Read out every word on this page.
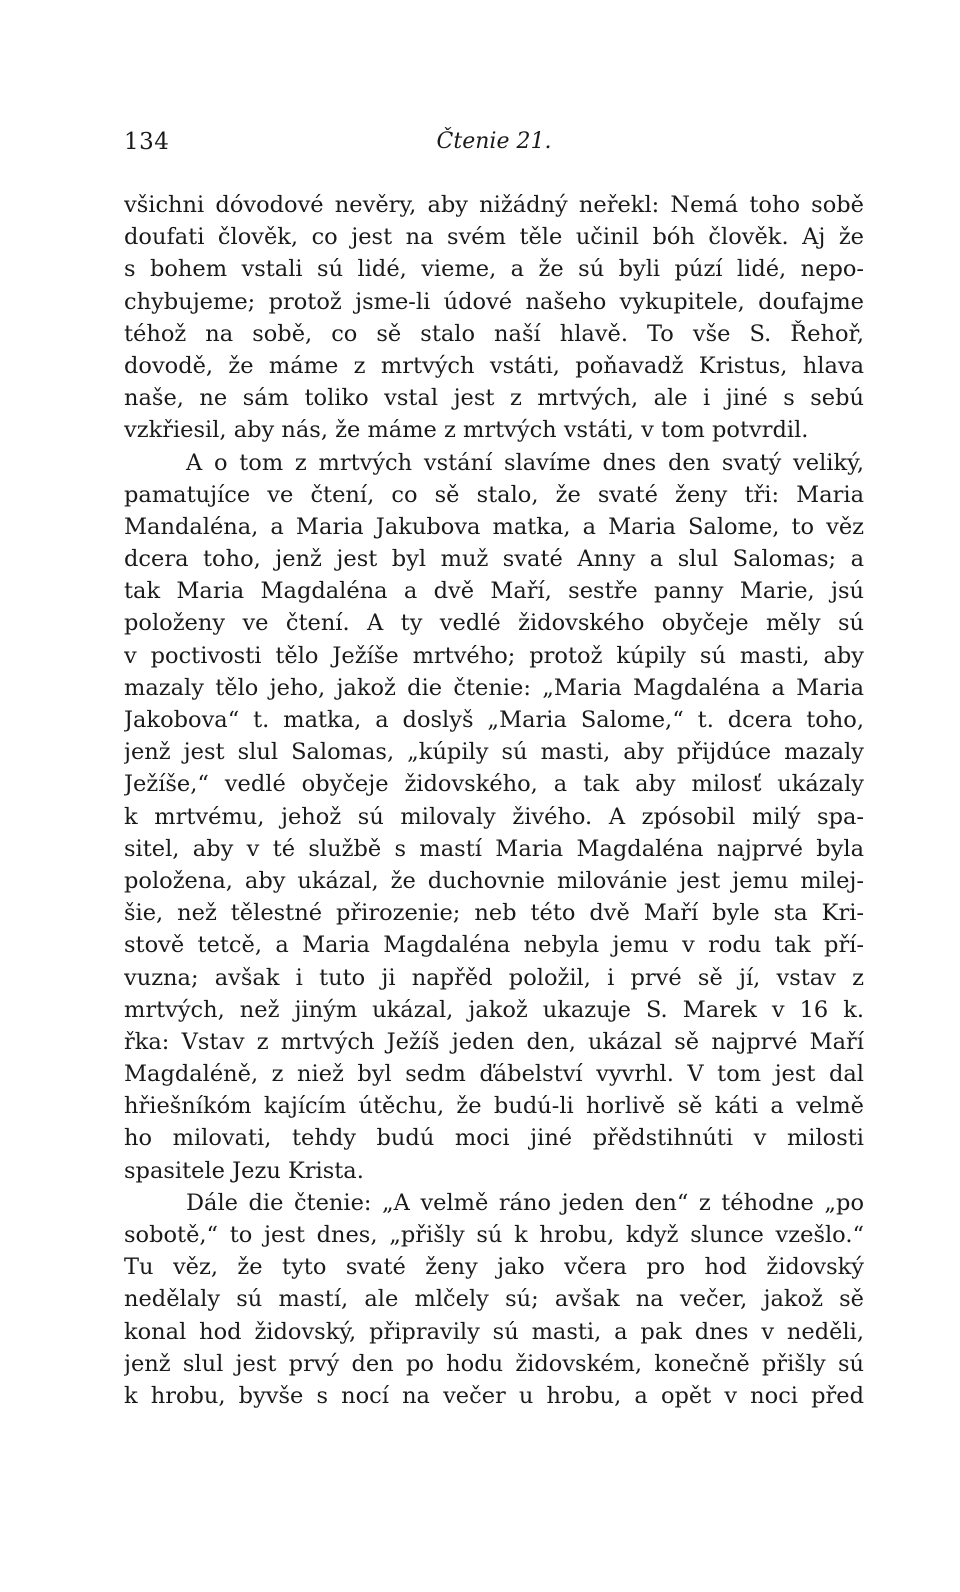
134	Čtenie 21.
všichni dóvodové nevěry, aby nižádný neřekl: Nemá toho sobě
doufati člověk, co jest na svém těle učinil bóh člověk. Aj že
s bohem vstali sú lidé, vieme, a že sú byli púzí lidé, nepo-
chybujeme; protož jsme-li údové našeho vykupitele, doufajme
téhož na sobě, co sě stalo naší hlavě. To vše S. Řehoř,
dovodě, že máme z mrtvých vstáti, poňavadž Kristus, hlava
naše, ne sám toliko vstal jest z mrtvých, ale i jiné s sebú
vzkřiesil, aby nás, že máme z mrtvých vstáti, v tom potvrdil.
A o tom z mrtvých vstání slavíme dnes den svatý veliký,
pamatujíce ve čtení, co sě stalo, že svaté ženy tři: Maria
Mandaléna, a Maria Jakubova matka, a Maria Salome, to věz
dcera toho, jenž jest byl muž svaté Anny a slul Salomas; a
tak Maria Magdaléna a dvě Maří, sestře panny Marie, jsú
položeny ve čtení. A ty vedlé židovského obyčeje měly sú
v poctivosti tělo Ježíše mrtvého; protož kúpily sú masti, aby
mazaly tělo jeho, jakož die čtenie: „Maria Magdaléna a Maria
Jakobova“ t. matka, a doslyš „Maria Salome,“ t. dcera toho,
jenž jest slul Salomas, „kúpily sú masti, aby přijdúce mazaly
Ježíše,“ vedlé obyčeje židovského, a tak aby milosť ukázaly
k mrtvému, jehož sú milovaly živého. A zpósobil milý spa-
sitel, aby v té službě s mastí Maria Magdaléna najprvé byla
položena, aby ukázal, že duchovnie milovánie jest jemu milej-
šie, než tělestné přirozenie; neb této dvě Maří byle sta Kri-
stově tetcě, a Maria Magdaléna nebyla jemu v rodu tak pří-
vuzna; avšak i tuto ji napřěd položil, i prvé sě jí, vstav z
mrtvých, než jiným ukázal, jakož ukazuje S. Marek v 16 k.
řka: Vstav z mrtvých Ježíš jeden den, ukázal sě najprvé Maří
Magdaléně, z niež byl sedm ďábelství vyvrhl. V tom jest dal
hřiešníkóm kajícím útěchu, že budú-li horlivě sě káti a velmě
ho milovati, tehdy budú moci jiné přědstihnúti v milosti
spasitele Jezu Krista.
Dále die čtenie: „A velmě ráno jeden den“ z téhodne „po
sobotě,“ to jest dnes, „přišly sú k hrobu, když slunce vzešlo.“
Tu věz, že tyto svaté ženy jako včera pro hod židovský
nedělaly sú mastí, ale mlčely sú; avšak na večer, jakož sě
konal hod židovský, připravily sú masti, a pak dnes v neděli,
jenž slul jest prvý den po hodu židovském, konečně přišly sú
k hrobu, byvše s nocí na večer u hrobu, a opět v noci před
